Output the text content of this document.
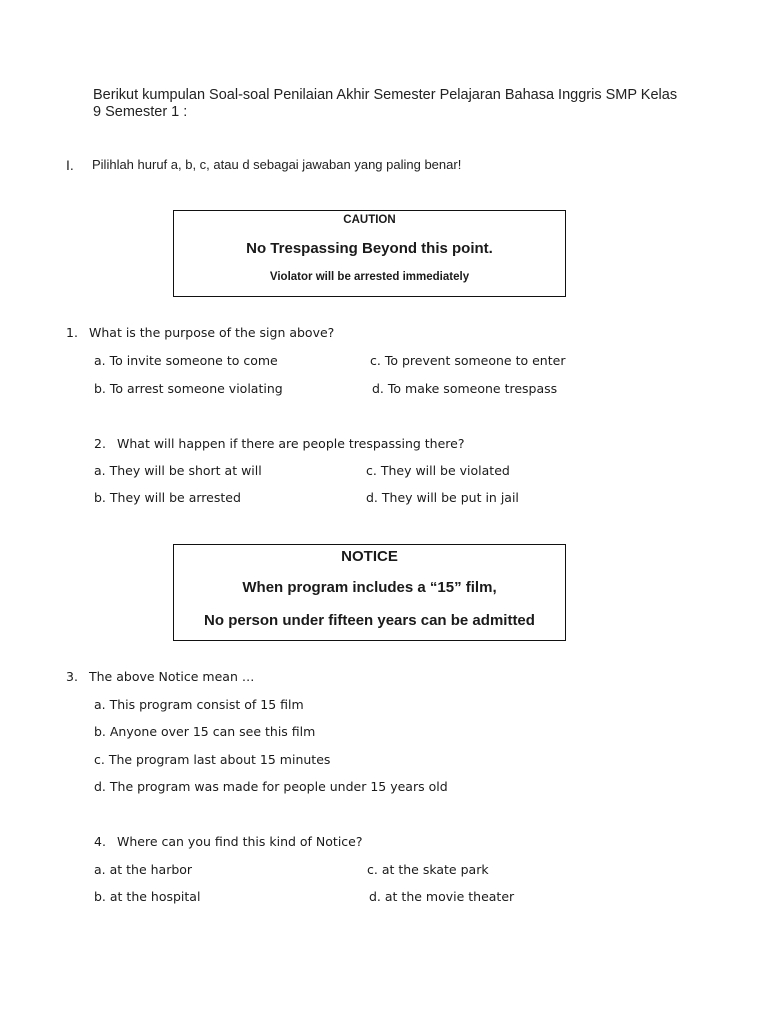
Berikut kumpulan Soal-soal Penilaian Akhir Semester Pelajaran Bahasa Inggris SMP Kelas
9 Semester 1 :
I. Pilihlah huruf a, b, c, atau d sebagai jawaban yang paling benar!
CAUTION
No Trespassing Beyond this point.
Violator will be arrested immediately
1. What is the purpose of the sign above?
a. To invite someone to come
b. To arrest someone violating
c. To prevent someone to enter
d. To make someone trespass
2. What will happen if there are people trespassing there?
a. They will be short at will
b. They will be arrested
c. They will be violated
d. They will be put in jail
NOTICE
When program includes a “15” film,
No person under fifteen years can be admitted
3. The above Notice mean …
a. This program consist of 15 film
b. Anyone over 15 can see this film
c. The program last about 15 minutes
d. The program was made for people under 15 years old
4. Where can you find this kind of Notice?
a. at the harbor
b. at the hospital
c. at the skate park
d. at the movie theater
